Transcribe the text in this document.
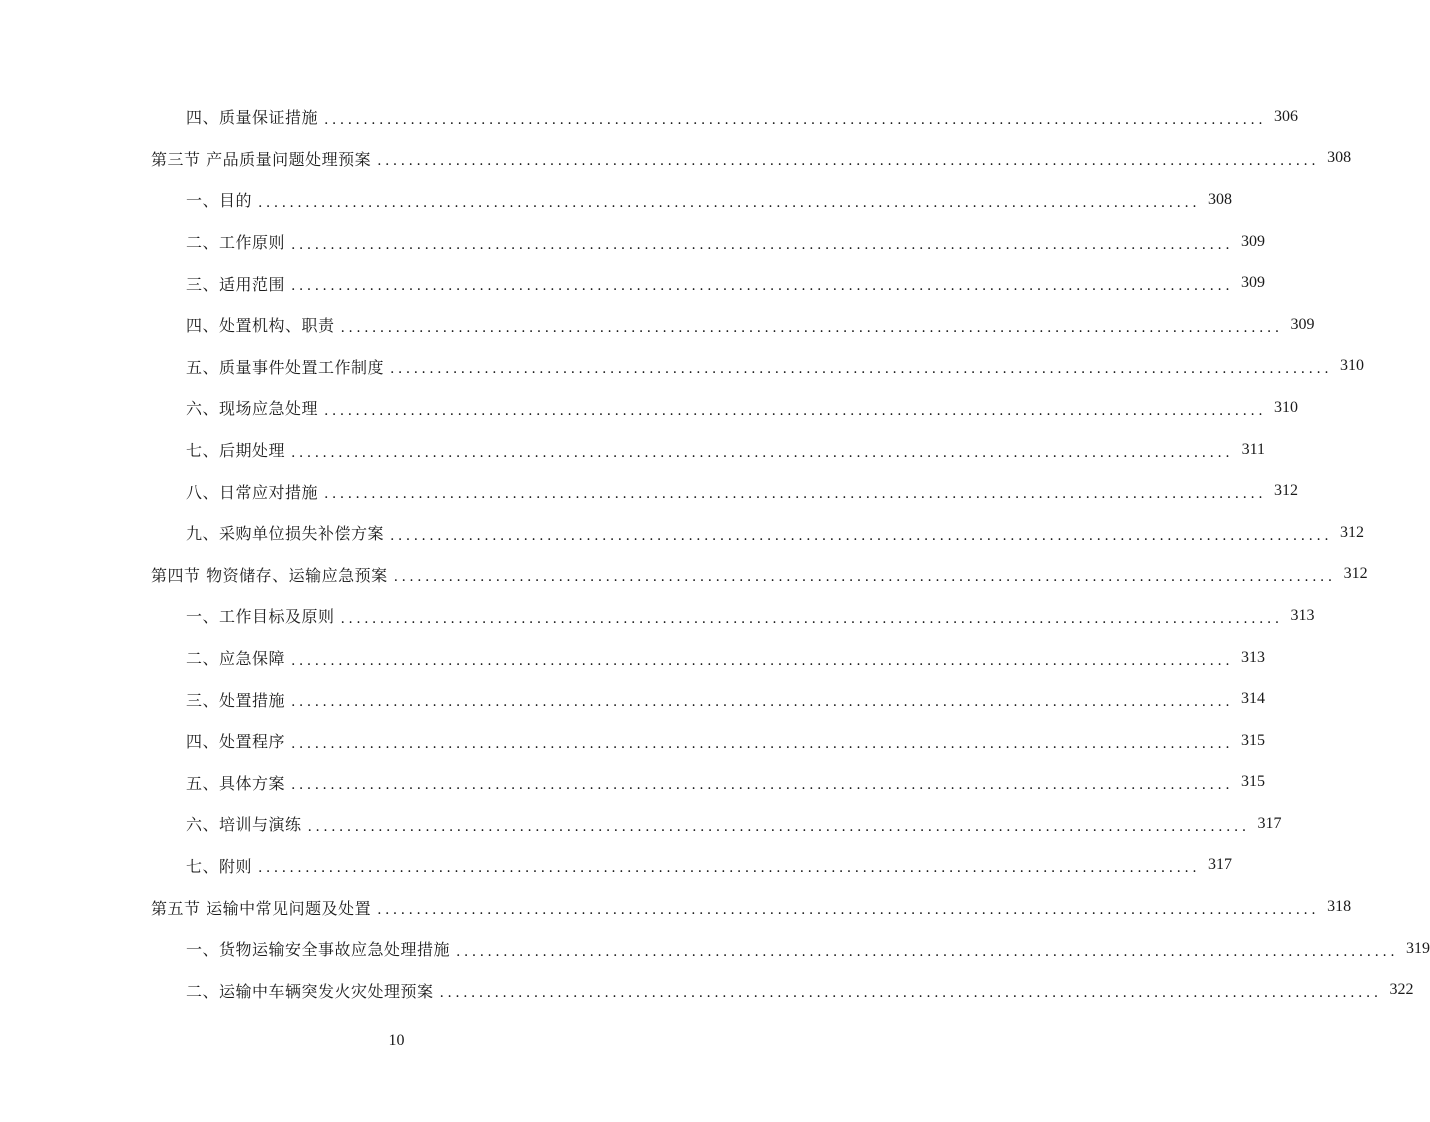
四、质量保证措施 ........................................................................................................................ 306
第三节 产品质量问题处理预案 ........................................................................................................................ 308
一、目的 ........................................................................................................................ 308
二、工作原则 ........................................................................................................................ 309
三、适用范围 ........................................................................................................................ 309
四、处置机构、职责 ........................................................................................................................ 309
五、质量事件处置工作制度 ........................................................................................................................ 310
六、现场应急处理 ........................................................................................................................ 310
七、后期处理 ........................................................................................................................ 311
八、日常应对措施 ........................................................................................................................ 312
九、采购单位损失补偿方案 ........................................................................................................................ 312
第四节 物资储存、运输应急预案 ........................................................................................................................ 312
一、工作目标及原则 ........................................................................................................................ 313
二、应急保障 ........................................................................................................................ 313
三、处置措施 ........................................................................................................................ 314
四、处置程序 ........................................................................................................................ 315
五、具体方案 ........................................................................................................................ 315
六、培训与演练 ........................................................................................................................ 317
七、附则 ........................................................................................................................ 317
第五节 运输中常见问题及处置 ........................................................................................................................ 318
一、货物运输安全事故应急处理措施 ........................................................................................................................ 319
二、运输中车辆突发火灾处理预案 ........................................................................................................................ 322
10
